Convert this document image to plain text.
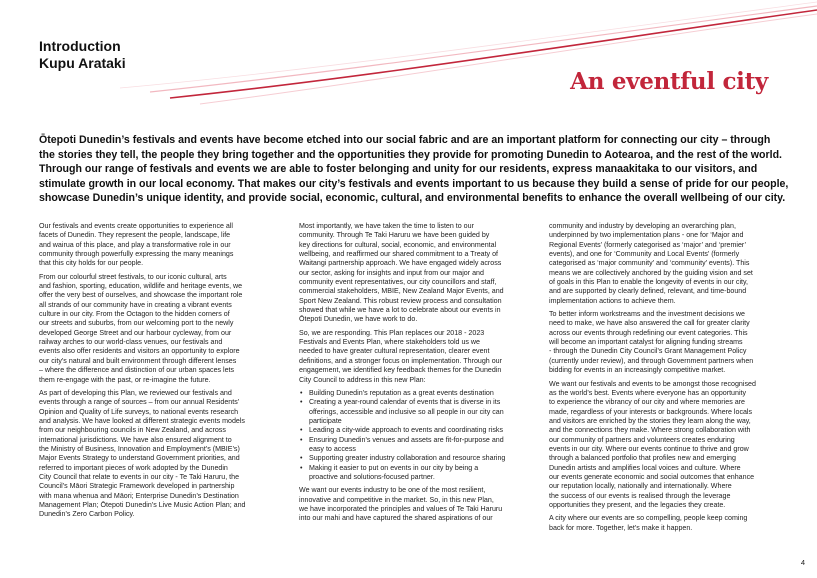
Introduction
Kupu Arataki
An eventful city

Ōtepoti Dunedin’s festivals and events have become etched into our social fabric and are an important platform for connecting our city – through the stories they tell, the people they bring together and the opportunities they provide for promoting Dunedin to Aotearoa, and the rest of the world. Through our range of festivals and events we are able to foster belonging and unity for our residents, express manaakitaka to our visitors, and stimulate growth in our local economy. That makes our city’s festivals and events important to us because they build a sense of pride for our people, showcase Dunedin’s unique identity, and provide social, economic, cultural, and environmental benefits to enhance the overall wellbeing of our city.

Our festivals and events create opportunities to experience all
facets of Dunedin. They represent the people, landscape, life
and wairua of this place, and play a transformative role in our
community through powerfully expressing the many meanings
that this city holds for our people.

From our colourful street festivals, to our iconic cultural, arts
and fashion, sporting, education, wildlife and heritage events, we
offer the very best of ourselves, and showcase the important role
all strands of our community have in creating a vibrant events
culture in our city. From the Octagon to the hidden corners of
our streets and suburbs, from our welcoming port to the newly
developed George Street and our harbour cycleway, from our
railway arches to our world-class venues, our festivals and
events also offer residents and visitors an opportunity to explore
our city’s natural and built environment through different lenses
– where the difference and distinction of our urban spaces lets
them re-engage with the past, or re-imagine the future.

As part of developing this Plan, we reviewed our festivals and
events through a range of sources – from our annual Residents’
Opinion and Quality of Life surveys, to national events research
and analysis. We have looked at different strategic events models
from our neighbouring councils in New Zealand, and across
international jurisdictions. We have also ensured alignment to
the Ministry of Business, Innovation and Employment’s (MBIE’s)
Major Events Strategy to understand Government priorities, and
referred to important pieces of work adopted by the Dunedin
City Council that relate to events in our city - Te Taki Haruru, the
Council’s Māori Strategic Framework developed in partnership
with mana whenua and Māori; Enterprise Dunedin’s Destination
Management Plan; Ōtepoti Dunedin’s Live Music Action Plan; and
Dunedin’s Zero Carbon Policy.

Most importantly, we have taken the time to listen to our
community. Through Te Taki Haruru we have been guided by
key directions for cultural, social, economic, and environmental
wellbeing, and reaffirmed our shared commitment to a Treaty of
Waitangi partnership approach. We have engaged widely across
our sector, asking for insights and input from our major and
community event representatives, our city councillors and staff,
commercial stakeholders, MBIE, New Zealand Major Events, and
Sport New Zealand. This robust review process and consultation
showed that while we have a lot to celebrate about our events in
Ōtepoti Dunedin, we have work to do.

So, we are responding. This Plan replaces our 2018 - 2023
Festivals and Events Plan, where stakeholders told us we
needed to have greater cultural representation, clearer event
definitions, and a stronger focus on implementation. Through our
engagement, we identified key feedback themes for the Dunedin
City Council to address in this new Plan:

• Building Dunedin’s reputation as a great events destination
• Creating a year-round calendar of events that is diverse in its
offerings, accessible and inclusive so all people in our city can
participate
• Leading a city-wide approach to events and coordinating risks
• Ensuring Dunedin’s venues and assets are fit-for-purpose and
easy to access
• Supporting greater industry collaboration and resource sharing
• Making it easier to put on events in our city by being a
proactive and solutions-focused partner.

We want our events industry to be one of the most resilient,
innovative and competitive in the market. So, in this new Plan,
we have incorporated the principles and values of Te Taki Haruru
into our mahi and have captured the shared aspirations of our

community and industry by developing an overarching plan,
underpinned by two implementation plans - one for ‘Major and
Regional Events’ (formerly categorised as ‘major’ and ‘premier’
events), and one for ‘Community and Local Events’ (formerly
categorised as ‘major community’ and ‘community’ events). This
means we are collectively anchored by the guiding vision and set
of goals in this Plan to enable the longevity of events in our city,
and are supported by clearly defined, relevant, and time-bound
implementation actions to achieve them.

To better inform workstreams and the investment decisions we
need to make, we have also answered the call for greater clarity
across our events through redefining our event categories. This
will become an important catalyst for aligning funding streams
- through the Dunedin City Council’s Grant Management Policy
(currently under review), and through Government partners when
bidding for events in an increasingly competitive market.

We want our festivals and events to be amongst those recognised
as the world’s best. Events where everyone has an opportunity
to experience the vibrancy of our city and where memories are
made, regardless of your interests or backgrounds. Where locals
and visitors are enriched by the stories they learn along the way,
and the connections they make. Where strong collaboration with
our community of partners and volunteers creates enduring
events in our city. Where our events continue to thrive and grow
through a balanced portfolio that profiles new and emerging
Dunedin artists and amplifies local voices and culture. Where
our events generate economic and social outcomes that enhance
our reputation locally, nationally and internationally. Where
the success of our events is realised through the leverage
opportunities they present, and the legacies they create.

A city where our events are so compelling, people keep coming
back for more. Together, let’s make it happen.

4
